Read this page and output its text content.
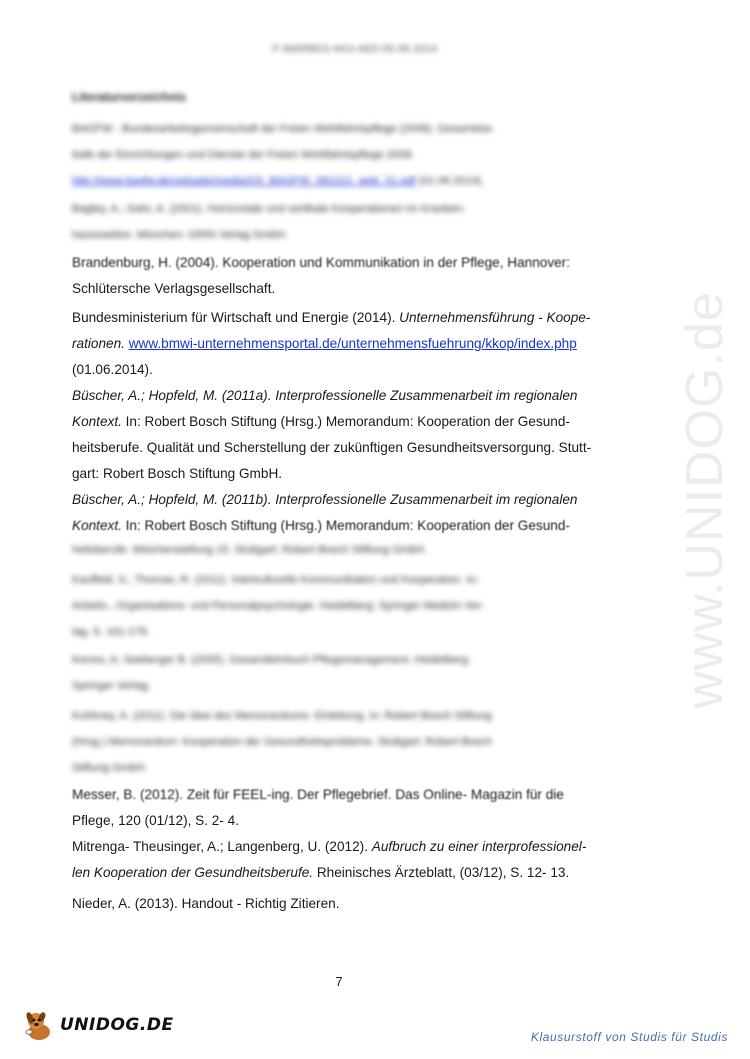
P-WARBEG-KK3-AE0-05.06.2014
Literaturverzeichnis
BAGFW - Bundesarbeitsgemeinschaft der Freien Wohlfahrtspflege (2008). Gesamtsta-
tistik der Einrichtungen und Dienste der Freien Wohlfahrtspflege 2008.
http://www.bagfw.de/uploads/media/GS_BAGFW_081221_web_01.pdf (01.06.2014).
Bagley, A.; Gahr, A. (2001). Horizontale und vertikale Kooperationen im Kranken-
hausssektor. München: GRIN Verlag GmbH.
Brandenburg, H. (2004). Kooperation und Kommunikation in der Pflege, Hannover:
Schlütersche Verlagsgesellschaft.
Bundesministerium für Wirtschaft und Energie (2014). Unternehmensführung - Koope-
rationen. www.bmwi-unternehmensportal.de/unternehmensfuehrung/kkop/index.php
(01.06.2014).
Büscher, A.; Hopfeld, M. (2011a). Interprofessionelle Zusammenarbeit im regionalen
Kontext. In: Robert Bosch Stiftung (Hrsg.) Memorandum: Kooperation der Gesund-
heitsberufe. Qualität und Scherstellung der zukünftigen Gesundheitsversorgung. Stutt-
gart: Robert Bosch Stiftung GmbH.
Büscher, A.; Hopfeld, M. (2011b). Interprofessionelle Zusammenarbeit im regionalen
Kontext. In: Robert Bosch Stiftung (Hrsg.) Memorandum: Kooperation der Gesund-
heitsberufe. Weichenstellung 15. Stuttgart: Robert Bosch Stiftung GmbH.
Kauffeld, S.; Thomas, R. (2011). Interkulturelle Kommunikation und Kooperation. In:
Arbeits-, Organisations- und Personalpsychologie. Heidelberg: Springer Medizin Ver-
lag, S. 161-178.
Kerres, A; Seeberger B. (2005). Gesamtlehrbuch Pflegemanagement. Heidelberg:
Springer Verlag.
Kuhlmey, A. (2011). Die Idee des Memorandums- Einleitung. In: Robert Bosch Stiftung
(Hrsg.) Memorandum: Kooperation der Gesundheitsprobleme. Stuttgart: Robert Bosch
Stiftung GmbH.
Messer, B. (2012). Zeit für FEEL-ing. Der Pflegebrief. Das Online- Magazin für die
Pflege, 120 (01/12), S. 2- 4.
Mitrenga- Theusinger, A.; Langenberg, U. (2012). Aufbruch zu einer interprofessionel-
len Kooperation der Gesundheitsberufe. Rheinisches Ärzteblatt, (03/12), S. 12- 13.
Nieder, A. (2013). Handout - Richtig Zitieren.
www.UNIDOG.de
7
UNIDOG.DE
Klausurstoff von Studis für Studis
